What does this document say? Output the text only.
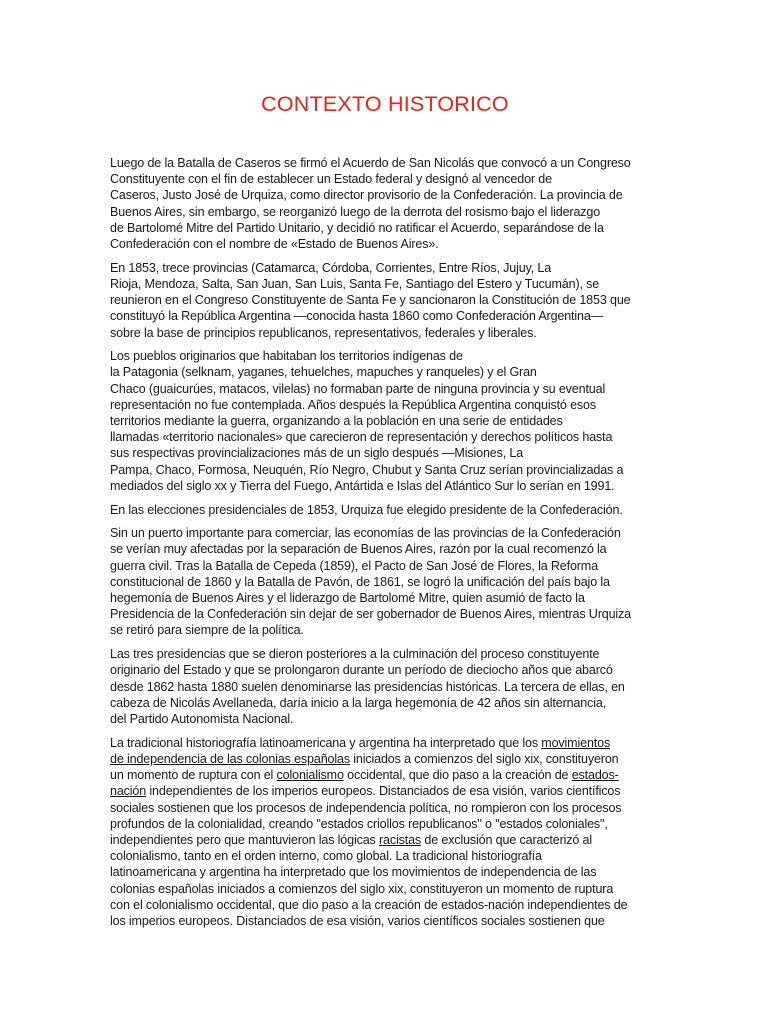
CONTEXTO HISTORICO

Luego de la Batalla de Caseros se firmó el Acuerdo de San Nicolás que convocó a un Congreso
Constituyente con el fin de establecer un Estado federal y designó al vencedor de
Caseros, Justo José de Urquiza, como director provisorio de la Confederación. La provincia de
Buenos Aires, sin embargo, se reorganizó luego de la derrota del rosismo bajo el liderazgo
de Bartolomé Mitre del Partido Unitario, y decidió no ratificar el Acuerdo, separándose de la
Confederación con el nombre de «Estado de Buenos Aires».

En 1853, trece provincias (Catamarca, Córdoba, Corrientes, Entre Ríos, Jujuy, La
Rioja, Mendoza, Salta, San Juan, San Luis, Santa Fe, Santiago del Estero y Tucumán), se
reunieron en el Congreso Constituyente de Santa Fe y sancionaron la Constitución de 1853 que
constituyó la República Argentina —conocida hasta 1860 como Confederación Argentina—
sobre la base de principios republicanos, representativos, federales y liberales.

Los pueblos originarios que habitaban los territorios indígenas de
la Patagonia (selknam, yaganes, tehuelches, mapuches y ranqueles) y el Gran
Chaco (guaicurúes, matacos, vilelas) no formaban parte de ninguna provincia y su eventual
representación no fue contemplada. Años después la República Argentina conquistó esos
territorios mediante la guerra, organizando a la población en una serie de entidades
llamadas «territorio nacionales» que carecieron de representación y derechos políticos hasta
sus respectivas provincializaciones más de un siglo después —Misiones, La
Pampa, Chaco, Formosa, Neuquén, Río Negro, Chubut y Santa Cruz serían provincializadas a
mediados del siglo xx y Tierra del Fuego, Antártida e Islas del Atlántico Sur lo serían en 1991.

En las elecciones presidenciales de 1853, Urquiza fue elegido presidente de la Confederación.

Sin un puerto importante para comerciar, las economías de las provincias de la Confederación
se verían muy afectadas por la separación de Buenos Aires, razón por la cual recomenzó la
guerra civil. Tras la Batalla de Cepeda (1859), el Pacto de San José de Flores, la Reforma
constitucional de 1860 y la Batalla de Pavón, de 1861, se logró la unificación del país bajo la
hegemonía de Buenos Aires y el liderazgo de Bartolomé Mitre, quien asumió de facto la
Presidencia de la Confederación sin dejar de ser gobernador de Buenos Aires, mientras Urquiza
se retiró para siempre de la política.

Las tres presidencias que se dieron posteriores a la culminación del proceso constituyente
originario del Estado y que se prolongaron durante un período de dieciocho años que abarcó
desde 1862 hasta 1880 suelen denominarse las presidencias históricas. La tercera de ellas, en
cabeza de Nicolás Avellaneda, daría inicio a la larga hegemonía de 42 años sin alternancia,
del Partido Autonomista Nacional.

La tradicional historiografía latinoamericana y argentina ha interpretado que los movimientos
de independencia de las colonias españolas iniciados a comienzos del siglo xix, constituyeron
un momento de ruptura con el colonialismo occidental, que dio paso a la creación de estados-
nación independientes de los imperios europeos. Distanciados de esa visión, varios científicos
sociales sostienen que los procesos de independencia política, no rompieron con los procesos
profundos de la colonialidad, creando "estados criollos republicanos" o "estados coloniales",
independientes pero que mantuvieron las lógicas racistas de exclusión que caracterizó al
colonialismo, tanto en el orden interno, como global. La tradicional historiografía
latinoamericana y argentina ha interpretado que los movimientos de independencia de las
colonias españolas iniciados a comienzos del siglo xix, constituyeron un momento de ruptura
con el colonialismo occidental, que dio paso a la creación de estados-nación independientes de
los imperios europeos. Distanciados de esa visión, varios científicos sociales sostienen que
